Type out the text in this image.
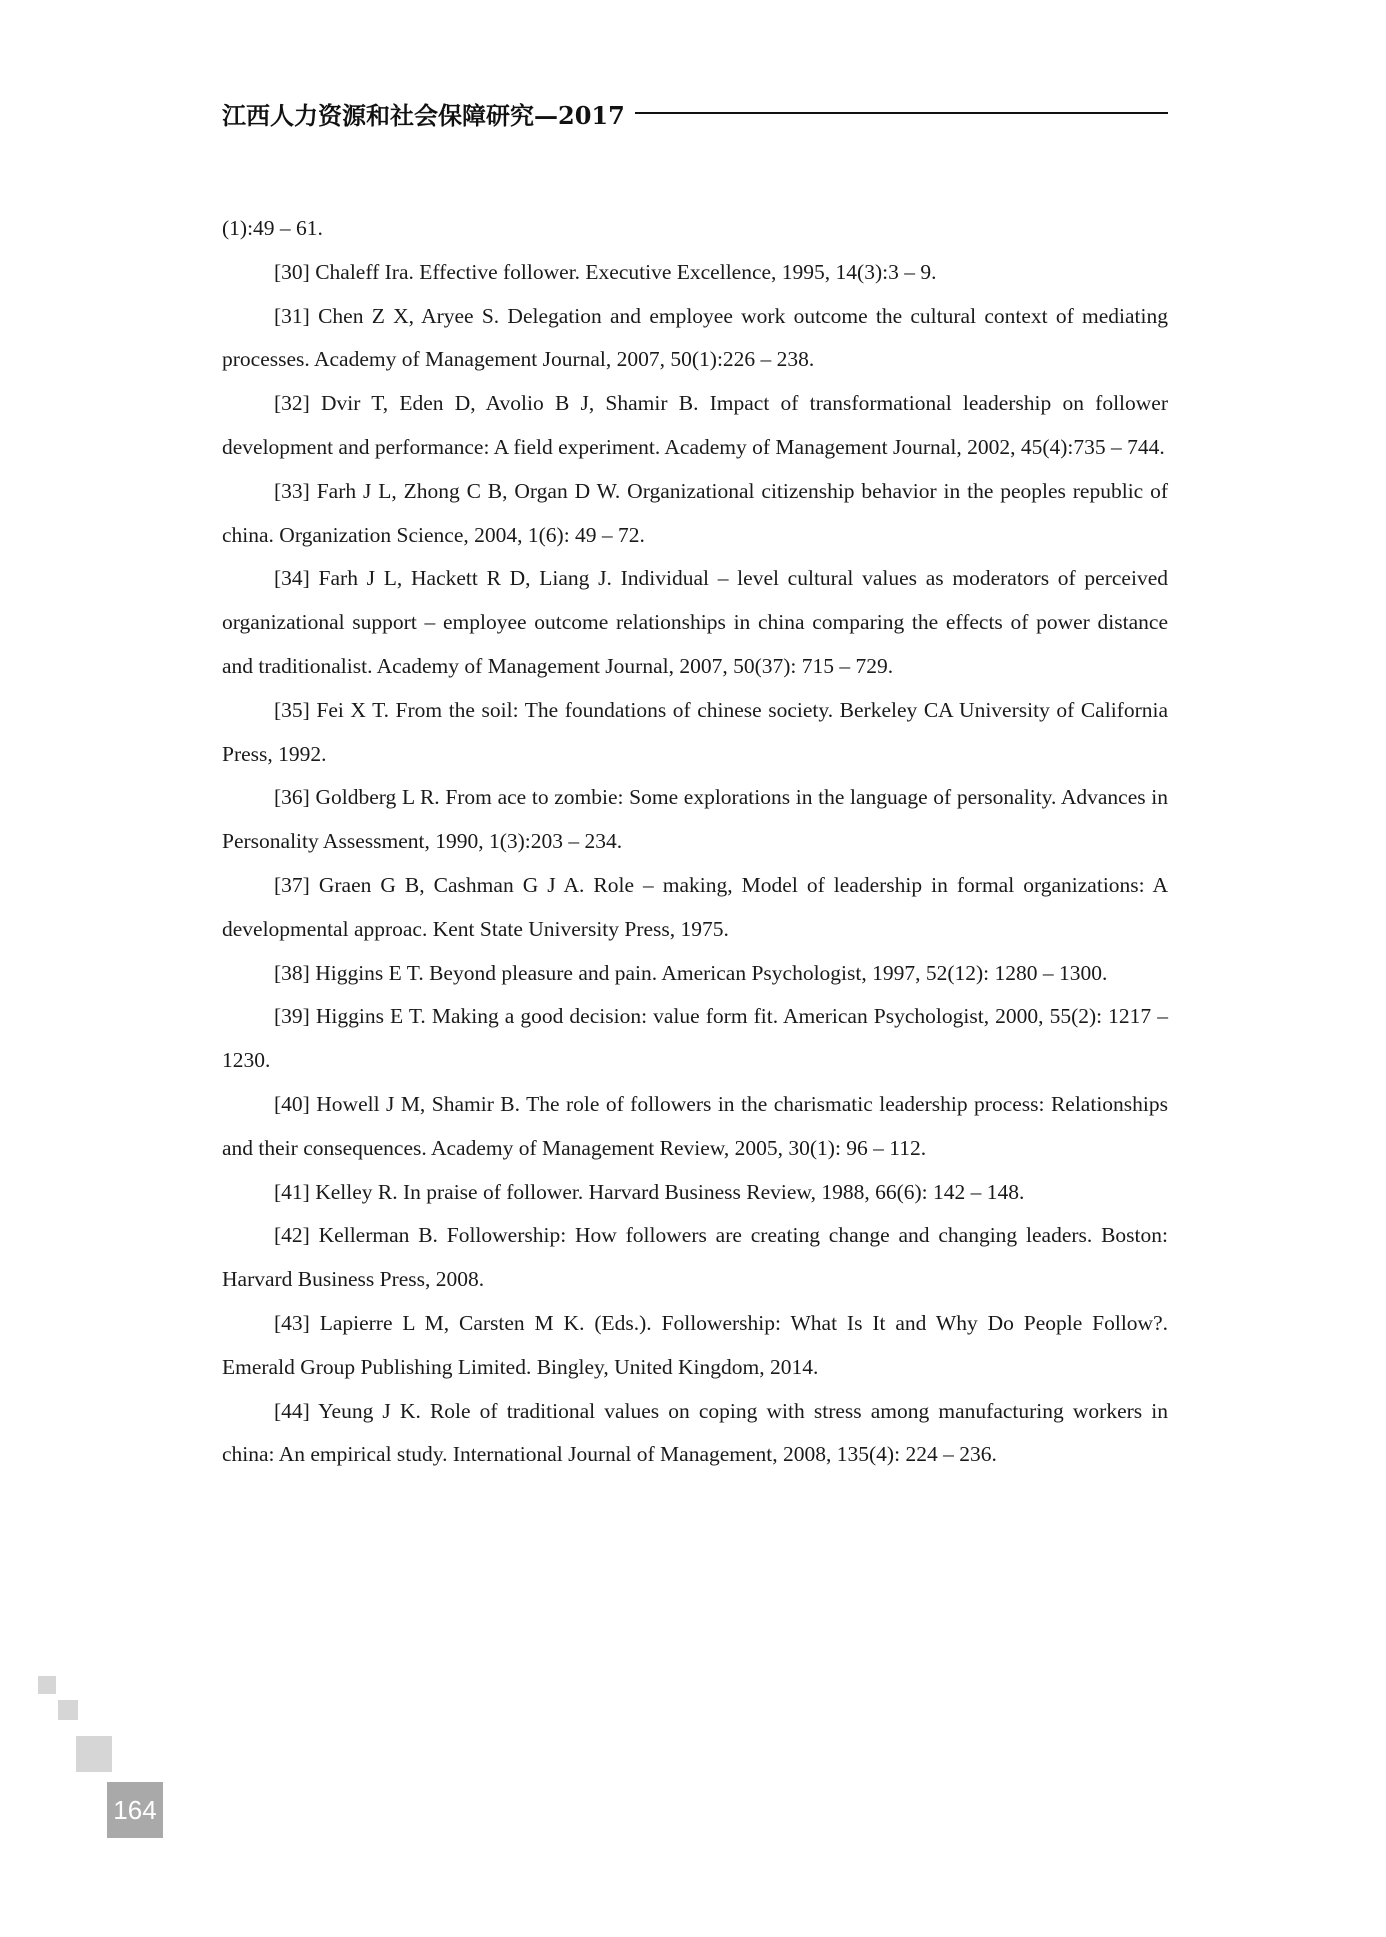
江西人力资源和社会保障研究—2017

(1):49 – 61.

[30] Chaleff Ira. Effective follower. Executive Excellence, 1995, 14(3):3 – 9.

[31] Chen Z X, Aryee S. Delegation and employee work outcome the cultural context of mediating processes. Academy of Management Journal, 2007, 50(1):226 – 238.

[32] Dvir T, Eden D, Avolio B J, Shamir B. Impact of transformational leadership on follower development and performance: A field experiment. Academy of Management Journal, 2002, 45(4):735 – 744.

[33] Farh J L, Zhong C B, Organ D W. Organizational citizenship behavior in the peoples republic of china. Organization Science, 2004, 1(6): 49 – 72.

[34] Farh J L, Hackett R D, Liang J. Individual – level cultural values as moderators of perceived organizational support – employee outcome relationships in china comparing the effects of power distance and traditionalist. Academy of Management Journal, 2007, 50(37): 715 – 729.

[35] Fei X T. From the soil: The foundations of chinese society. Berkeley CA University of California Press, 1992.

[36] Goldberg L R. From ace to zombie: Some explorations in the language of personality. Advances in Personality Assessment, 1990, 1(3):203 – 234.

[37] Graen G B, Cashman G J A. Role – making, Model of leadership in formal organizations: A developmental approac. Kent State University Press, 1975.

[38] Higgins E T. Beyond pleasure and pain. American Psychologist, 1997, 52(12): 1280 – 1300.

[39] Higgins E T. Making a good decision: value form fit. American Psychologist, 2000, 55(2): 1217 – 1230.

[40] Howell J M, Shamir B. The role of followers in the charismatic leadership process: Relationships and their consequences. Academy of Management Review, 2005, 30(1): 96 – 112.

[41] Kelley R. In praise of follower. Harvard Business Review, 1988, 66(6): 142 – 148.

[42] Kellerman B. Followership: How followers are creating change and changing leaders. Boston: Harvard Business Press, 2008.

[43] Lapierre L M, Carsten M K. (Eds.). Followership: What Is It and Why Do People Follow?. Emerald Group Publishing Limited. Bingley, United Kingdom, 2014.

[44] Yeung J K. Role of traditional values on coping with stress among manufacturing workers in china: An empirical study. International Journal of Management, 2008, 135(4): 224 – 236.

164
